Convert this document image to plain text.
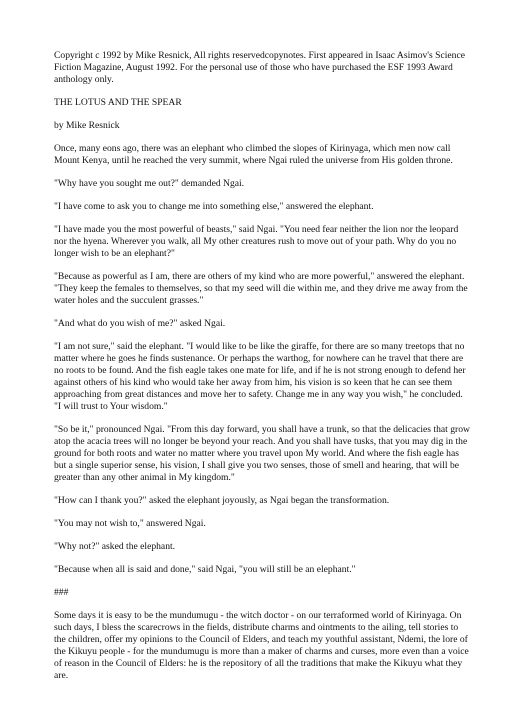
Copyright c 1992 by Mike Resnick, All rights reservedcopynotes. First appeared in Isaac Asimov's Science Fiction Magazine, August 1992. For the personal use of those who have purchased the ESF 1993 Award anthology only.

THE LOTUS AND THE SPEAR

by Mike Resnick

Once, many eons ago, there was an elephant who climbed the slopes of Kirinyaga, which men now call Mount Kenya, until he reached the very summit, where Ngai ruled the universe from His golden throne.

"Why have you sought me out?" demanded Ngai.

"I have come to ask you to change me into something else," answered the elephant.

"I have made you the most powerful of beasts," said Ngai. "You need fear neither the lion nor the leopard nor the hyena. Wherever you walk, all My other creatures rush to move out of your path. Why do you no longer wish to be an elephant?"

"Because as powerful as I am, there are others of my kind who are more powerful," answered the elephant. "They keep the females to themselves, so that my seed will die within me, and they drive me away from the water holes and the succulent grasses."

"And what do you wish of me?" asked Ngai.

"I am not sure," said the elephant. "I would like to be like the giraffe, for there are so many treetops that no matter where he goes he finds sustenance. Or perhaps the warthog, for nowhere can he travel that there are no roots to be found. And the fish eagle takes one mate for life, and if he is not strong enough to defend her against others of his kind who would take her away from him, his vision is so keen that he can see them approaching from great distances and move her to safety. Change me in any way you wish," he concluded. "I will trust to Your wisdom."

"So be it," pronounced Ngai. "From this day forward, you shall have a trunk, so that the delicacies that grow atop the acacia trees will no longer be beyond your reach. And you shall have tusks, that you may dig in the ground for both roots and water no matter where you travel upon My world. And where the fish eagle has but a single superior sense, his vision, I shall give you two senses, those of smell and hearing, that will be greater than any other animal in My kingdom."

"How can I thank you?" asked the elephant joyously, as Ngai began the transformation.

"You may not wish to," answered Ngai.

"Why not?" asked the elephant.

"Because when all is said and done," said Ngai, "you will still be an elephant."

###

Some days it is easy to be the mundumugu - the witch doctor - on our terraformed world of Kirinyaga. On such days, I bless the scarecrows in the fields, distribute charms and ointments to the ailing, tell stories to the children, offer my opinions to the Council of Elders, and teach my youthful assistant, Ndemi, the lore of the Kikuyu people - for the mundumugu is more than a maker of charms and curses, more even than a voice of reason in the Council of Elders: he is the repository of all the traditions that make the Kikuyu what they are.
